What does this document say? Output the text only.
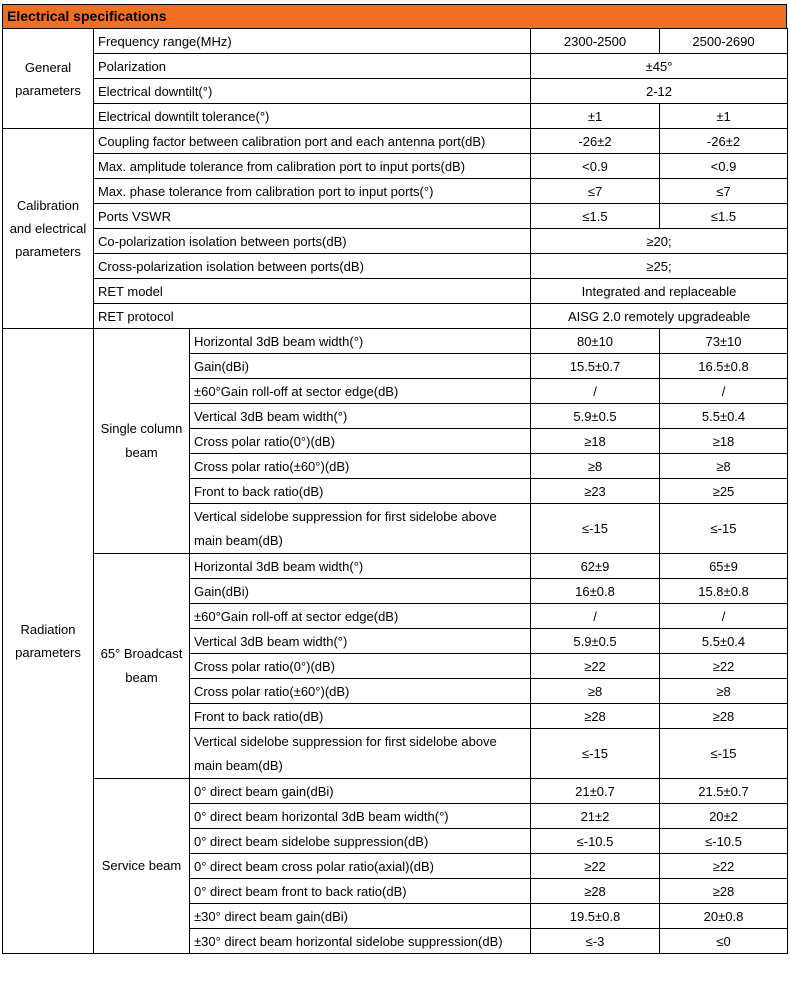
Electrical specifications
General parameters	Frequency range(MHz)		2300-2500	2500-2690
	Polarization		±45°	
	Electrical downtilt(°)		2-12	
	Electrical downtilt tolerance(°)		±1	±1
Calibration and electrical parameters	Coupling factor between calibration port and each antenna port(dB)		-26±2	-26±2
	Max. amplitude tolerance from calibration port to input ports(dB)		<0.9	<0.9
	Max. phase tolerance from calibration port to input ports(°)		≤7	≤7
	Ports VSWR		≤1.5	≤1.5
	Co-polarization isolation between ports(dB)		≥20;	
	Cross-polarization isolation between ports(dB)		≥25;	
	RET model		Integrated and replaceable	
	RET protocol		AISG 2.0 remotely upgradeable	
Radiation parameters	Single column beam	Horizontal 3dB beam width(°)	80±10	73±10
		Gain(dBi)	15.5±0.7	16.5±0.8
		±60°Gain roll-off at sector edge(dB)	/	/
		Vertical 3dB beam width(°)	5.9±0.5	5.5±0.4
		Cross polar ratio(0°)(dB)	≥18	≥18
		Cross polar ratio(±60°)(dB)	≥8	≥8
		Front to back ratio(dB)	≥23	≥25
		Vertical sidelobe suppression for first sidelobe above main beam(dB)	≤-15	≤-15
	65° Broadcast beam	Horizontal 3dB beam width(°)	62±9	65±9
		Gain(dBi)	16±0.8	15.8±0.8
		±60°Gain roll-off at sector edge(dB)	/	/
		Vertical 3dB beam width(°)	5.9±0.5	5.5±0.4
		Cross polar ratio(0°)(dB)	≥22	≥22
		Cross polar ratio(±60°)(dB)	≥8	≥8
		Front to back ratio(dB)	≥28	≥28
		Vertical sidelobe suppression for first sidelobe above main beam(dB)	≤-15	≤-15
	Service beam	0° direct beam gain(dBi)	21±0.7	21.5±0.7
		0° direct beam horizontal 3dB beam width(°)	21±2	20±2
		0° direct beam sidelobe suppression(dB)	≤-10.5	≤-10.5
		0° direct beam cross polar ratio(axial)(dB)	≥22	≥22
		0° direct beam front to back ratio(dB)	≥28	≥28
		±30° direct beam gain(dBi)	19.5±0.8	20±0.8
		±30° direct beam horizontal sidelobe suppression(dB)	≤-3	≤0
